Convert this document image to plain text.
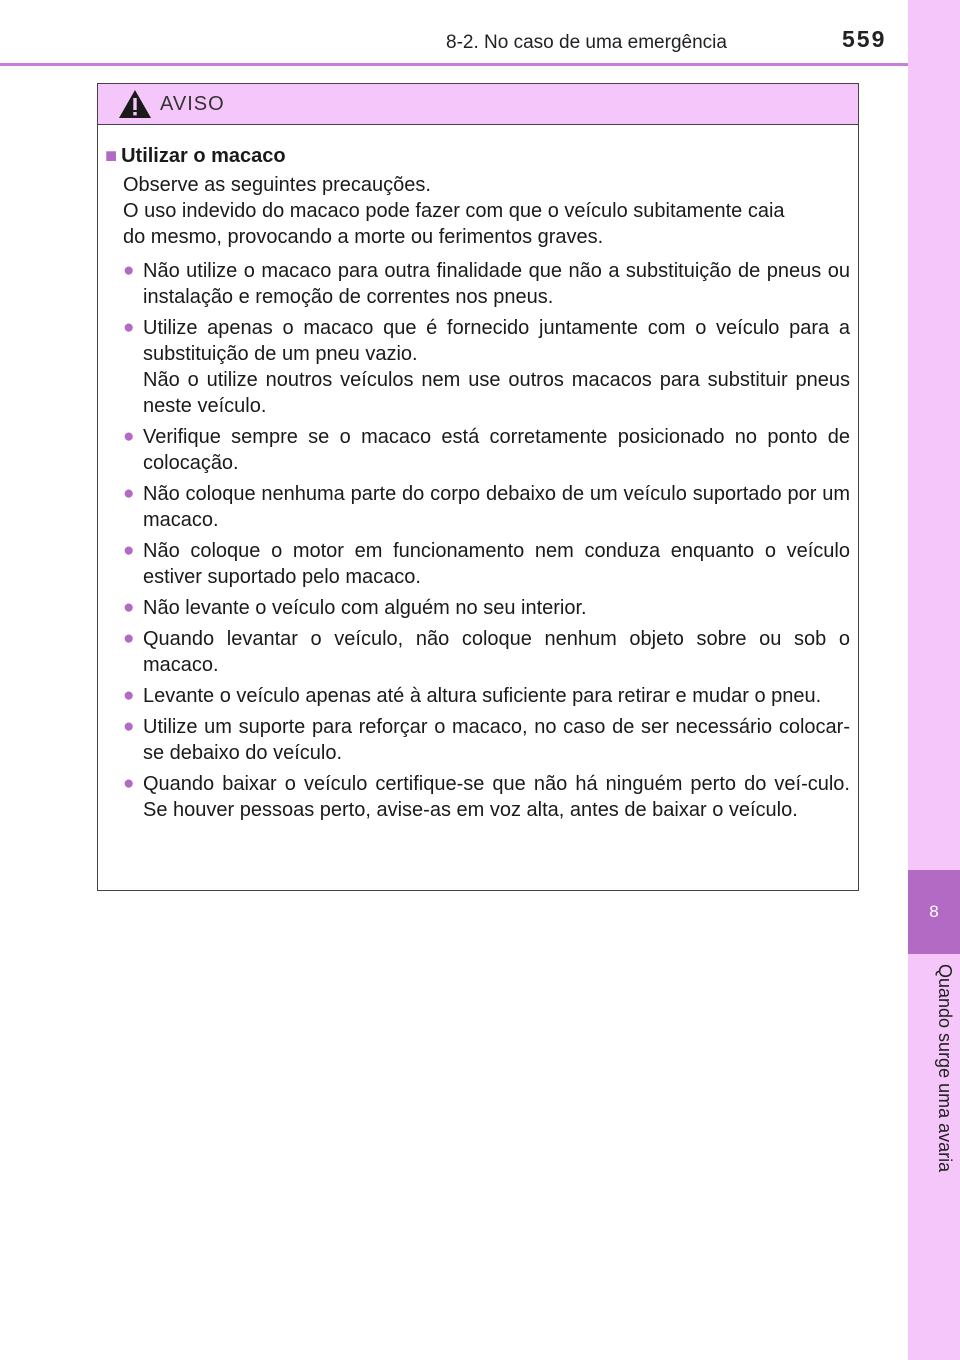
8-2. No caso de uma emergência	559
8
Quando surge uma avaria
AVISO
■ Utilizar o macaco
Observe as seguintes precauções.
O uso indevido do macaco pode fazer com que o veículo subitamente caia
do mesmo, provocando a morte ou ferimentos graves.
● Não utilize o macaco para outra finalidade que não a substituição de pneus ou instalação e remoção de correntes nos pneus.
● Utilize apenas o macaco que é fornecido juntamente com o veículo para a substituição de um pneu vazio.
Não o utilize noutros veículos nem use outros macacos para substituir pneus neste veículo.
● Verifique sempre se o macaco está corretamente posicionado no ponto de colocação.
● Não coloque nenhuma parte do corpo debaixo de um veículo suportado por um macaco.
● Não coloque o motor em funcionamento nem conduza enquanto o veículo estiver suportado pelo macaco.
● Não levante o veículo com alguém no seu interior.
● Quando levantar o veículo, não coloque nenhum objeto sobre ou sob o macaco.
● Levante o veículo apenas até à altura suficiente para retirar e mudar o pneu.
● Utilize um suporte para reforçar o macaco, no caso de ser necessário colocar-se debaixo do veículo.
● Quando baixar o veículo certifique-se que não há ninguém perto do veí-culo. Se houver pessoas perto, avise-as em voz alta, antes de baixar o veículo.
